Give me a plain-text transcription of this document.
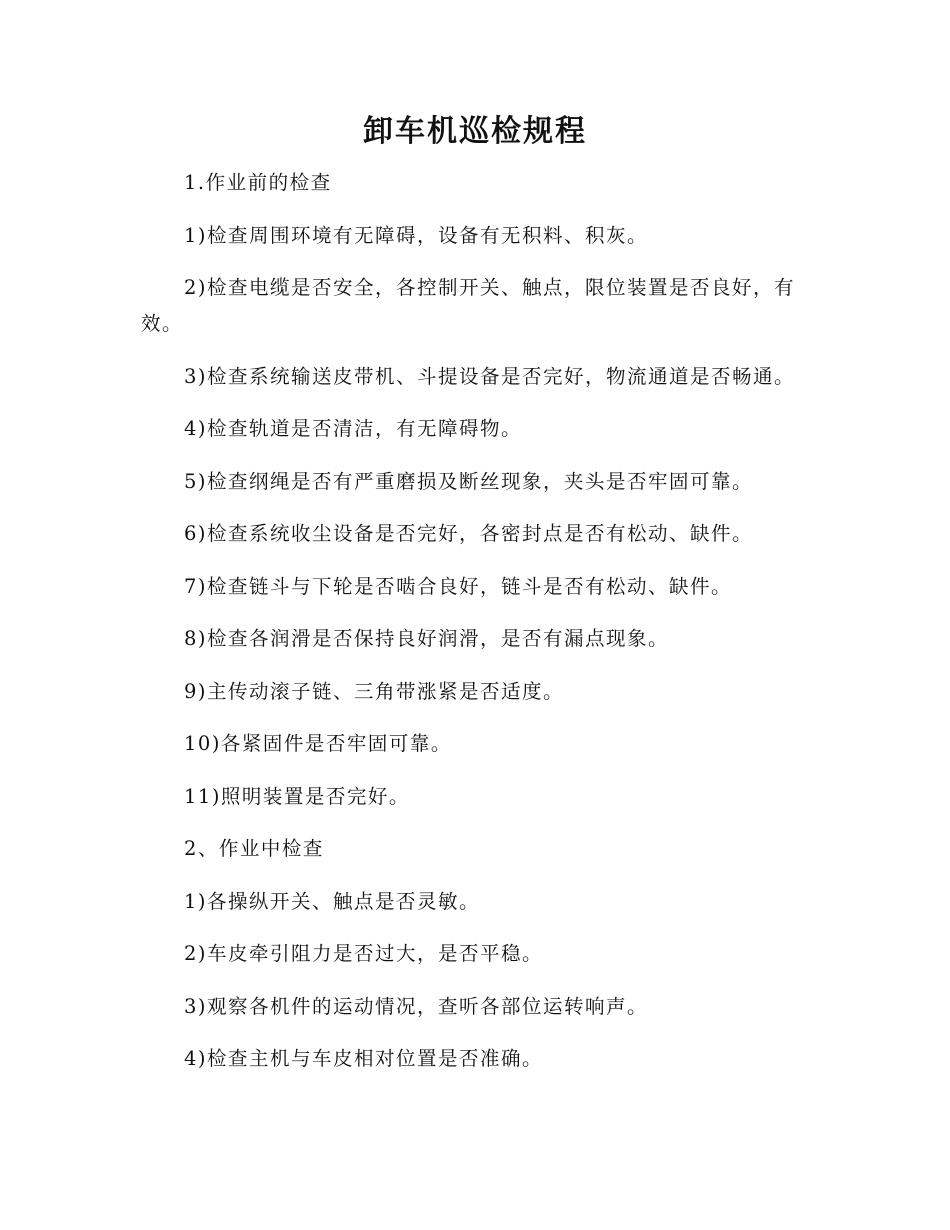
卸车机巡检规程

1.作业前的检查

1)检查周围环境有无障碍，设备有无积料、积灰。

2)检查电缆是否安全，各控制开关、触点，限位装置是否良好，有效。

3)检查系统输送皮带机、斗提设备是否完好，物流通道是否畅通。

4)检查轨道是否清洁，有无障碍物。

5)检查纲绳是否有严重磨损及断丝现象，夹头是否牢固可靠。

6)检查系统收尘设备是否完好，各密封点是否有松动、缺件。

7)检查链斗与下轮是否啮合良好，链斗是否有松动、缺件。

8)检查各润滑是否保持良好润滑，是否有漏点现象。

9)主传动滚子链、三角带涨紧是否适度。

10)各紧固件是否牢固可靠。

11)照明装置是否完好。

2、作业中检查

1)各操纵开关、触点是否灵敏。

2)车皮牵引阻力是否过大，是否平稳。

3)观察各机件的运动情况，查听各部位运转响声。

4)检查主机与车皮相对位置是否准确。
